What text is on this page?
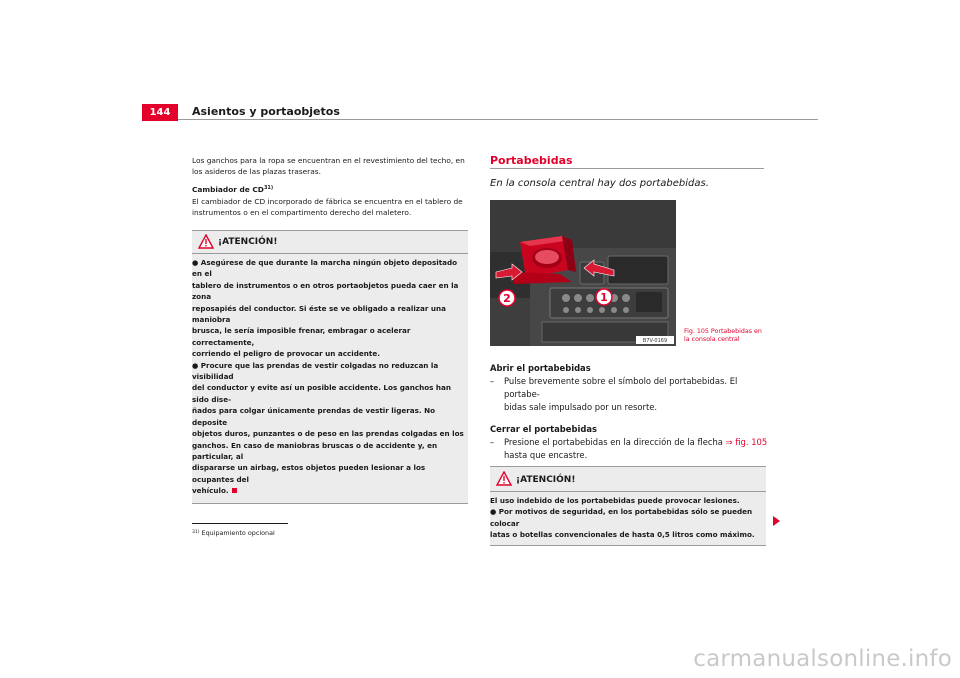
144	Asientos y portaobjetos

Los ganchos para la ropa se encuentran en el revestimiento del techo, en los asideros de las plazas traseras.

Cambiador de CD$^{31)}$

El cambiador de CD incorporado de fábrica se encuentra en el tablero de instrumentos o en el compartimento derecho del maletero.

¡ATENCIÓN!
● Asegúrese de que durante la marcha ningún objeto depositado en el
tablero de instrumentos o en otros portaobjetos pueda caer en la zona
reposapiés del conductor. Si éste se ve obligado a realizar una maniobra
brusca, le sería imposible frenar, embragar o acelerar correctamente,
corriendo el peligro de provocar un accidente.
● Procure que las prendas de vestir colgadas no reduzcan la visibilidad
del conductor y evite así un posible accidente. Los ganchos han sido dise-
ñados para colgar únicamente prendas de vestir ligeras. No deposite
objetos duros, punzantes o de peso en las prendas colgadas en los
ganchos. En caso de maniobras bruscas o de accidente y, en particular, al
dispararse un airbag, estos objetos pueden lesionar a los ocupantes del
vehículo.
Portabebidas
En la consola central hay dos portabebidas.
2	1
B7V-0169
Fig. 105 Portabebidas en
la consola central
Abrir el portabebidas
– Pulse brevemente sobre el símbolo del portabebidas. El portabe-
bidas sale impulsado por un resorte.
Cerrar el portabebidas
– Presione el portabebidas en la dirección de la flecha ⇒ fig. 105
hasta que encastre.
¡ATENCIÓN!
El uso indebido de los portabebidas puede provocar lesiones.
● Por motivos de seguridad, en los portabebidas sólo se pueden colocar
latas o botellas convencionales de hasta 0,5 litros como máximo.
$^{31)}$ Equipamiento opcional
carmanualsonline.info
